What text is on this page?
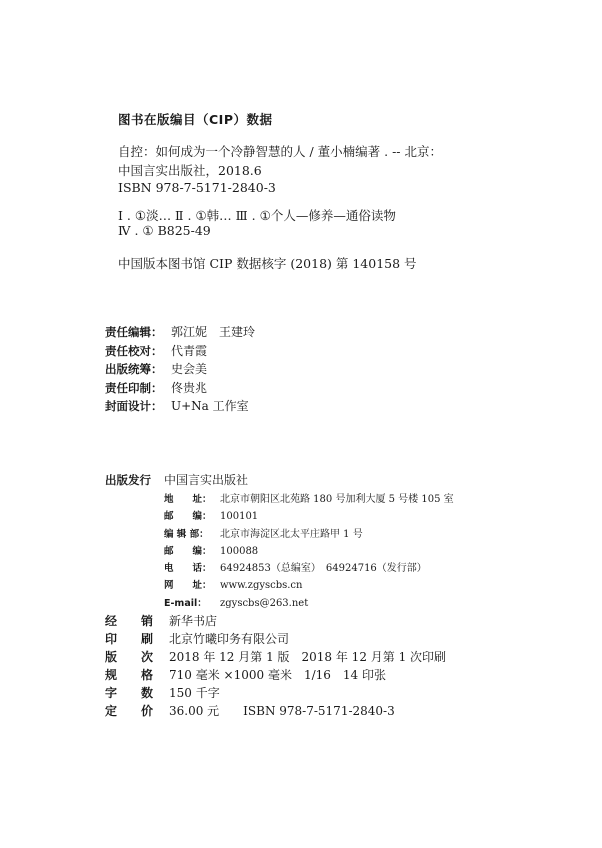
图书在版编目（CIP）数据
自控：如何成为一个冷静智慧的人 / 董小楠编著 . -- 北京：
中国言实出版社，2018.6
ISBN 978-7-5171-2840-3
Ⅰ . ①淡… Ⅱ . ①韩… Ⅲ . ①个人—修养—通俗读物
Ⅳ . ① B825-49
中国版本图书馆 CIP 数据核字 (2018) 第 140158 号
责任编辑： 郭江妮　王建玲
责任校对： 代青霞
出版统筹： 史会美
责任印制： 佟贵兆
封面设计： U+Na 工作室
出版发行 中国言实出版社
地　　址： 北京市朝阳区北苑路 180 号加利大厦 5 号楼 105 室
邮　　编： 100101
编 辑 部： 北京市海淀区北太平庄路甲 1 号
邮　　编： 100088
电　　话： 64924853（总编室）　64924716（发行部）
网　　址： www.zgyscbs.cn
E-mail： zgyscbs@263.net
经　　销 新华书店
印　　刷 北京竹曦印务有限公司
版　　次 2018 年 12 月第 1 版　2018 年 12 月第 1 次印刷
规　　格 710 毫米 ×1000 毫米　1/16　14 印张
字　　数 150 千字
定　　价 36.00 元　　ISBN 978-7-5171-2840-3
